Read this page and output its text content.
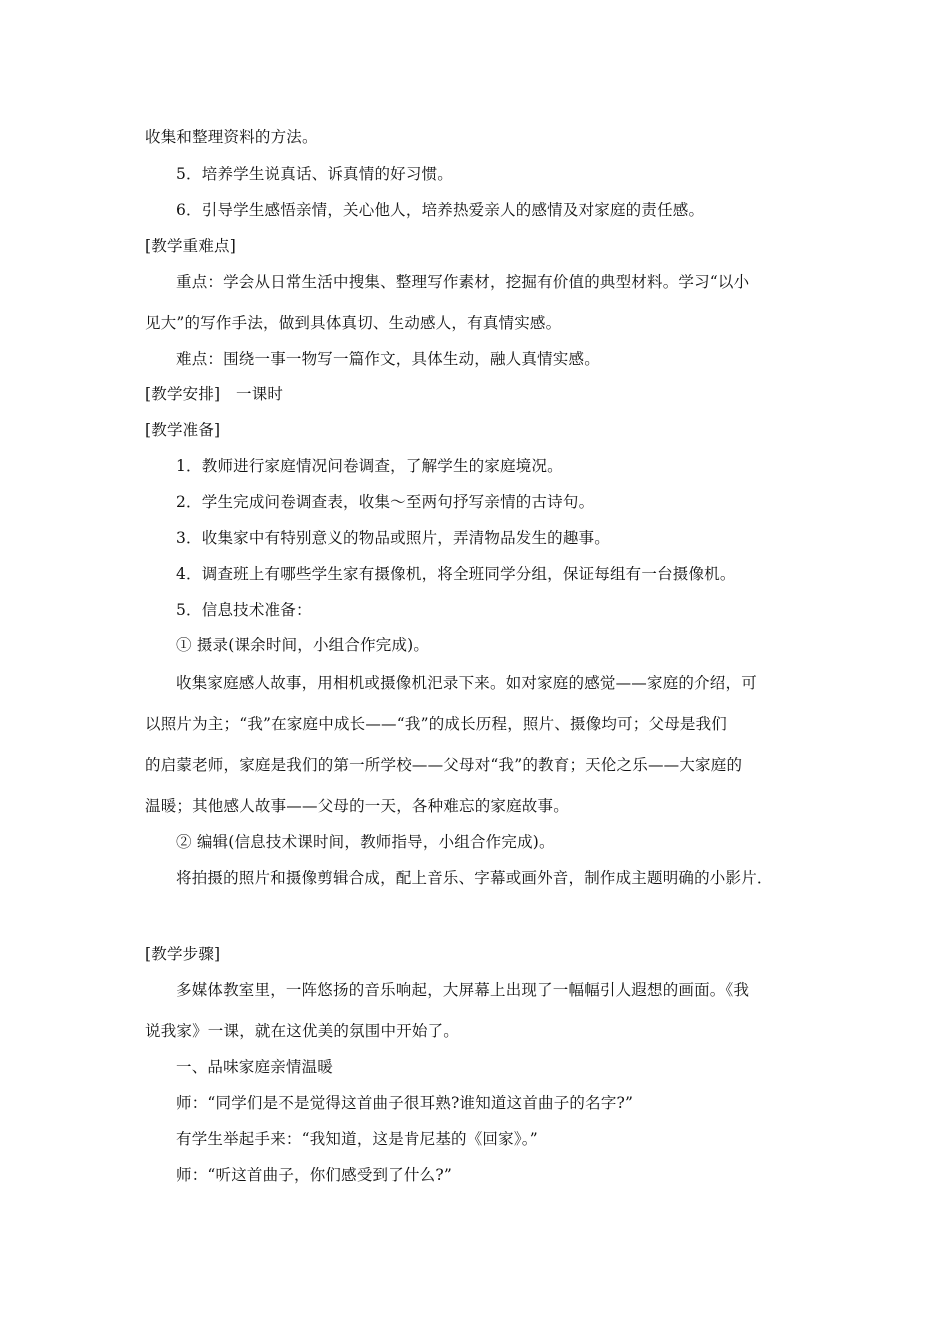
收集和整理资料的方法。
5．培养学生说真话、诉真情的好习惯。
6．引导学生感悟亲情，关心他人，培养热爱亲人的感情及对家庭的责任感。
[教学重难点]
重点：学会从日常生活中搜集、整理写作素材，挖掘有价值的典型材料。学习“以小
见大”的写作手法，做到具体真切、生动感人，有真情实感。
难点：围绕一事一物写一篇作文，具体生动，融人真情实感。
[教学安排]　一课时
[教学准备]
1．教师进行家庭情况问卷调查，了解学生的家庭境况。
2．学生完成问卷调查表，收集～至两句抒写亲情的古诗句。
3．收集家中有特别意义的物品或照片，弄清物品发生的趣事。
4．调查班上有哪些学生家有摄像机，将全班同学分组，保证每组有一台摄像机。
5．信息技术准备：
① 摄录(课余时间，小组合作完成)。
收集家庭感人故事，用相机或摄像机汜录下来。如对家庭的感觉——家庭的介绍，可
以照片为主；“我”在家庭中成长——“我”的成长历程，照片、摄像均可；父母是我们
的启蒙老师，家庭是我们的第一所学校——父母对“我”的教育；天伦之乐——大家庭的
温暖；其他感人故事——父母的一天，各种难忘的家庭故事。
② 编辑(信息技术课时间，教师指导，小组合作完成)。
将拍摄的照片和摄像剪辑合成，配上音乐、字幕或画外音，制作成主题明确的小影片．
[教学步骤]
多媒体教室里，一阵悠扬的音乐响起，大屏幕上出现了一幅幅引人遐想的画面。《我
说我家》一课，就在这优美的氛围中开始了。
一、品味家庭亲情温暖
师：“同学们是不是觉得这首曲子很耳熟?谁知道这首曲子的名字?”
有学生举起手来：“我知道，这是肯尼基的《回家》。”
师：“听这首曲子，你们感受到了什么?”
